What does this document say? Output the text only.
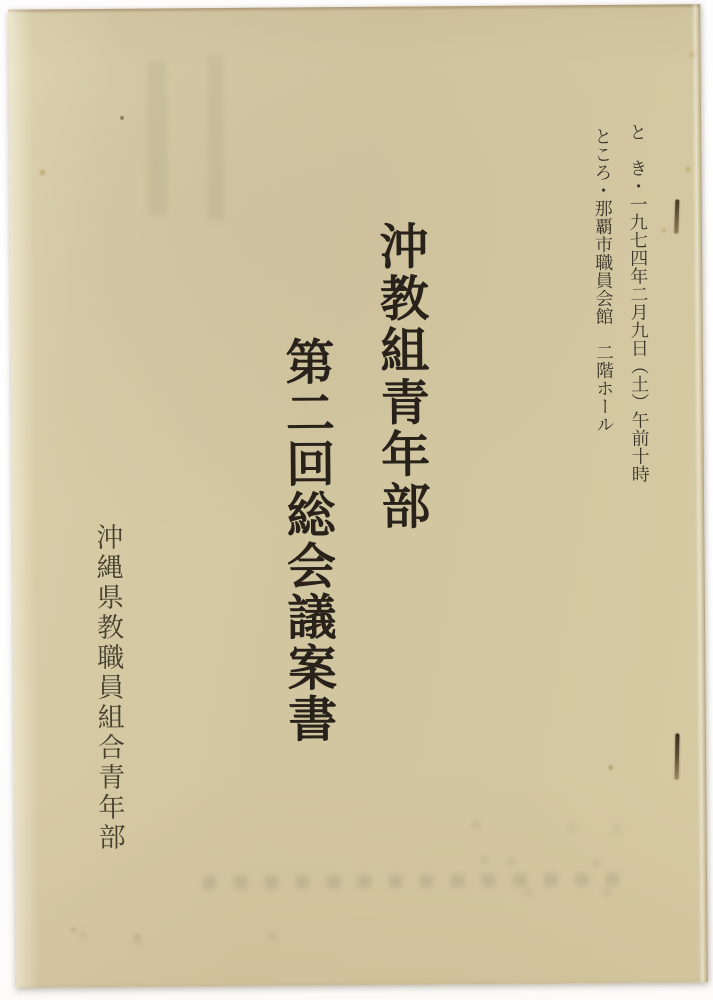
と　き・一九七四年二月九日（土）午前十時
ところ・那覇市職員会館　二階ホール
沖教組青年部
第二回総会議案書
沖縄県教職員組合青年部
